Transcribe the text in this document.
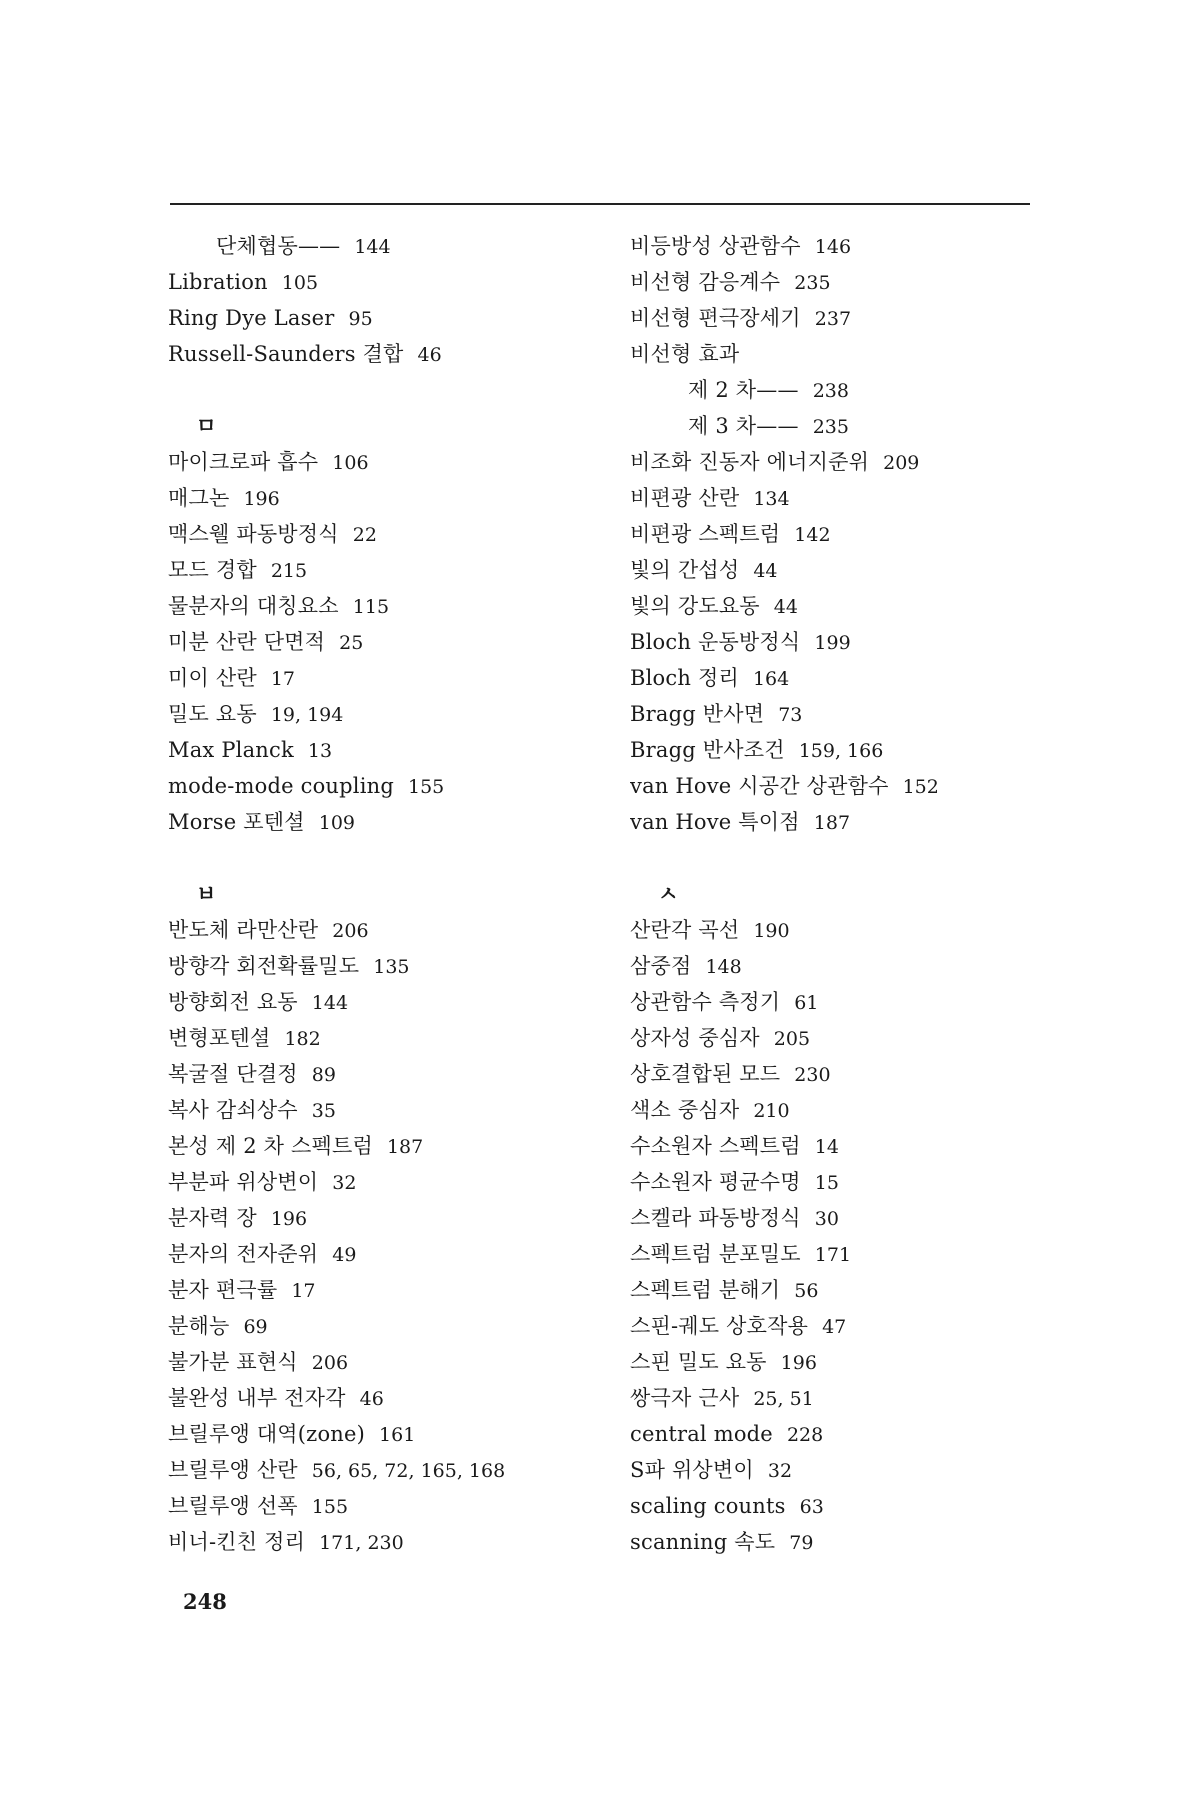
단체협동—— 144
Libration 105
Ring Dye Laser 95
Russell-Saunders 결합 46
ㅁ
마이크로파 흡수 106
매그논 196
맥스웰 파동방정식 22
모드 경합 215
물분자의 대칭요소 115
미분 산란 단면적 25
미이 산란 17
밀도 요동 19, 194
Max Planck 13
mode-mode coupling 155
Morse 포텐셜 109
ㅂ
반도체 라만산란 206
방향각 회전확률밀도 135
방향회전 요동 144
변형포텐셜 182
복굴절 단결정 89
복사 감쇠상수 35
본성 제 2 차 스펙트럼 187
부분파 위상변이 32
분자력 장 196
분자의 전자준위 49
분자 편극률 17
분해능 69
불가분 표현식 206
불완성 내부 전자각 46
브릴루앵 대역(zone) 161
브릴루앵 산란 56, 65, 72, 165, 168
브릴루앵 선폭 155
비너-킨친 정리 171, 230
비등방성 상관함수 146
비선형 감응계수 235
비선형 편극장세기 237
비선형 효과
제 2 차—— 238
제 3 차—— 235
비조화 진동자 에너지준위 209
비편광 산란 134
비편광 스펙트럼 142
빛의 간섭성 44
빛의 강도요동 44
Bloch 운동방정식 199
Bloch 정리 164
Bragg 반사면 73
Bragg 반사조건 159, 166
van Hove 시공간 상관함수 152
van Hove 특이점 187
ㅅ
산란각 곡선 190
삼중점 148
상관함수 측정기 61
상자성 중심자 205
상호결합된 모드 230
색소 중심자 210
수소원자 스펙트럼 14
수소원자 평균수명 15
스켈라 파동방정식 30
스펙트럼 분포밀도 171
스펙트럼 분해기 56
스핀-궤도 상호작용 47
스핀 밀도 요동 196
쌍극자 근사 25, 51
central mode 228
S파 위상변이 32
scaling counts 63
scanning 속도 79
248
